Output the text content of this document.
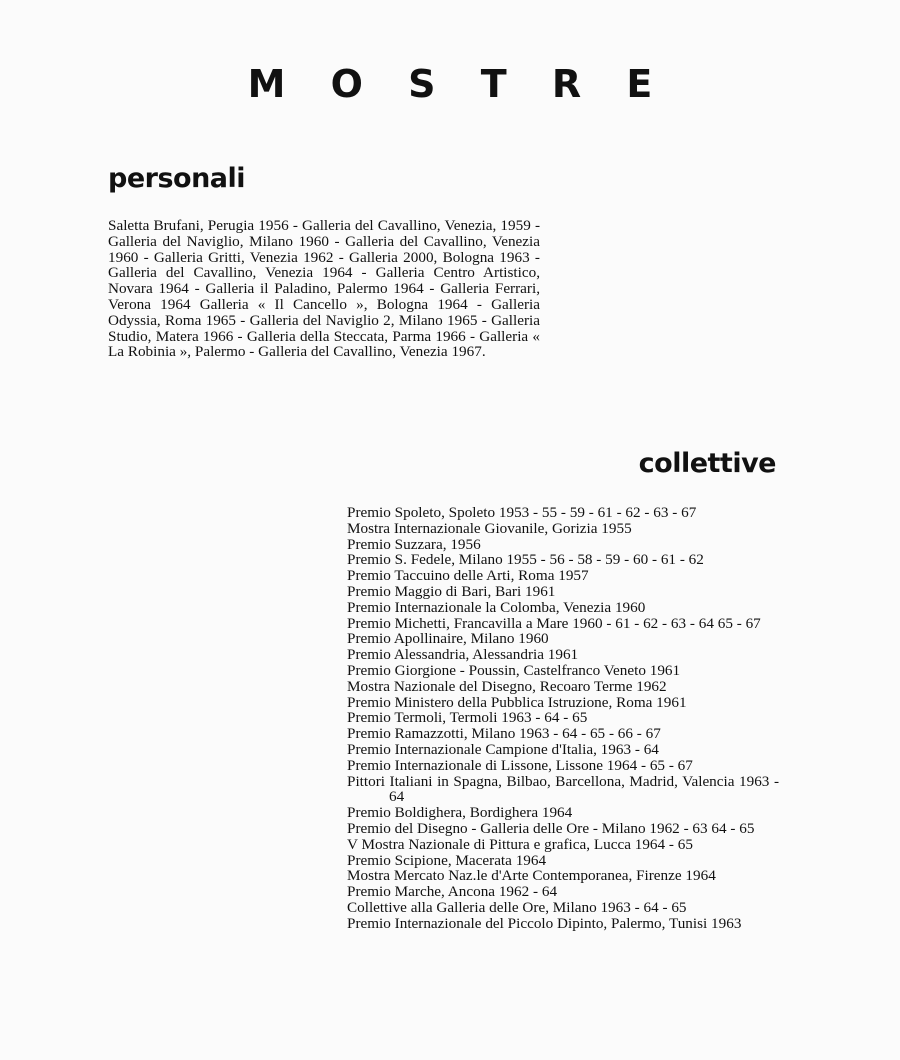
M O S T R E
personali

Saletta Brufani, Perugia 1956 - Galleria del Cavallino, Venezia, 1959 - Galleria del Naviglio, Milano 1960 - Galleria del Cavallino, Venezia 1960 - Galleria Gritti, Venezia 1962 - Galleria 2000, Bologna 1963 - Galleria del Cavallino, Venezia 1964 - Galleria Centro Artistico, Novara 1964 - Galleria il Paladino, Palermo 1964 - Galleria Ferrari, Verona 1964 Galleria « Il Cancello », Bologna 1964 - Galleria Odyssia, Roma 1965 - Galleria del Naviglio 2, Milano 1965 - Galleria Studio, Matera 1966 - Galleria della Steccata, Parma 1966 - Galleria « La Robinia », Palermo - Galleria del Cavallino, Venezia 1967.

collettive
Premio Spoleto, Spoleto 1953 - 55 - 59 - 61 - 62 - 63 - 67
Mostra Internazionale Giovanile, Gorizia 1955
Premio Suzzara, 1956
Premio S. Fedele, Milano 1955 - 56 - 58 - 59 - 60 - 61 - 62
Premio Taccuino delle Arti, Roma 1957
Premio Maggio di Bari, Bari 1961
Premio Internazionale la Colomba, Venezia 1960
Premio Michetti, Francavilla a Mare 1960 - 61 - 62 - 63 - 64 65 - 67
Premio Apollinaire, Milano 1960
Premio Alessandria, Alessandria 1961
Premio Giorgione - Poussin, Castelfranco Veneto 1961
Mostra Nazionale del Disegno, Recoaro Terme 1962
Premio Ministero della Pubblica Istruzione, Roma 1961
Premio Termoli, Termoli 1963 - 64 - 65
Premio Ramazzotti, Milano 1963 - 64 - 65 - 66 - 67
Premio Internazionale Campione d'Italia, 1963 - 64
Premio Internazionale di Lissone, Lissone 1964 - 65 - 67
Pittori Italiani in Spagna, Bilbao, Barcellona, Madrid, Valencia 1963 - 64
Premio Boldighera, Bordighera 1964
Premio del Disegno - Galleria delle Ore - Milano 1962 - 63 64 - 65
V Mostra Nazionale di Pittura e grafica, Lucca 1964 - 65
Premio Scipione, Macerata 1964
Mostra Mercato Naz.le d'Arte Contemporanea, Firenze 1964
Premio Marche, Ancona 1962 - 64
Collettive alla Galleria delle Ore, Milano 1963 - 64 - 65
Premio Internazionale del Piccolo Dipinto, Palermo, Tunisi 1963
